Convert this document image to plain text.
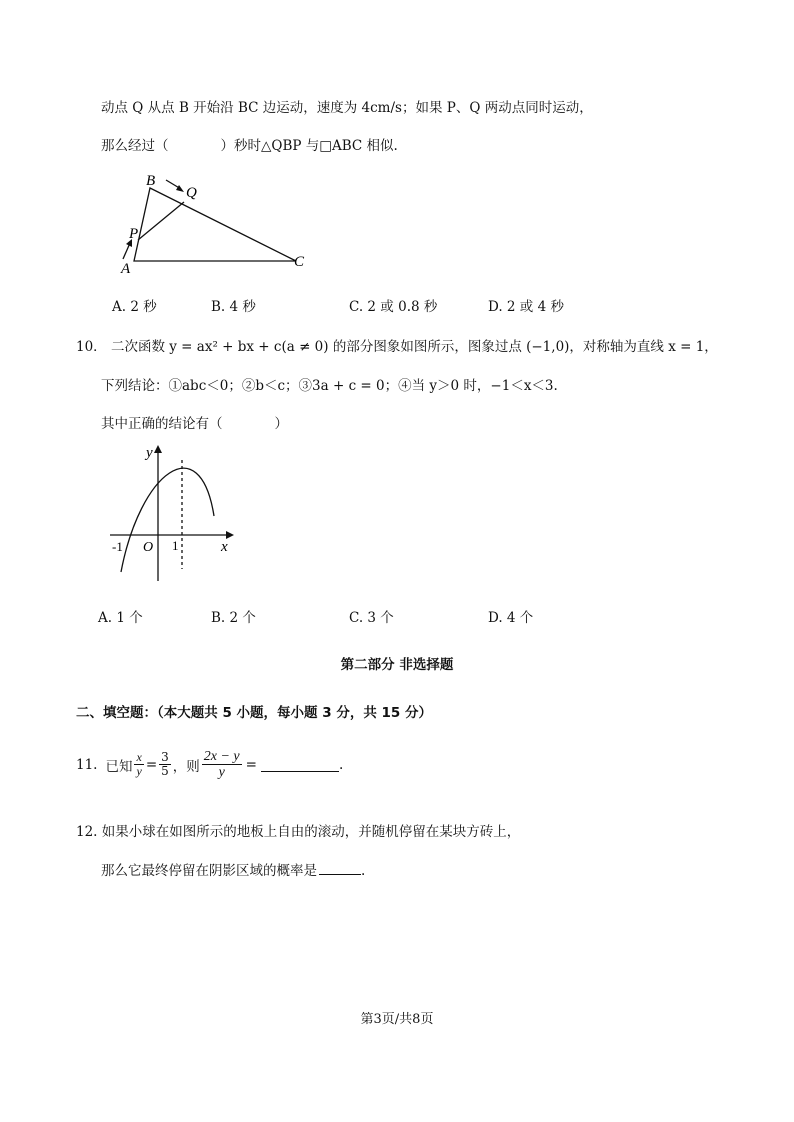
动点 Q 从点 B 开始沿 BC 边运动，速度为 4cm/s；如果 P、Q 两动点同时运动，
那么经过（	）秒时△QBP 与□ABC 相似.
B
Q
P
A	C
A. 2 秒	B. 4 秒	C. 2 或 0.8 秒	D. 2 或 4 秒
10． 二次函数 y = ax² + bx + c(a ≠ 0) 的部分图象如图所示，图象过点 (−1,0)，对称轴为直线 x = 1，
下列结论：①abc＜0；②b＜c；③3a + c = 0；④当 y＞0 时，−1＜x＜3.
其中正确的结论有（	）
y
x
-1 O 1
A. 1 个	B. 2 个	C. 3 个	D. 4 个
第二部分 非选择题
二、填空题：（本大题共 5 小题，每小题 3 分，共 15 分）
11. 已知 $\frac{x}{y} = \frac{3}{5}$ ，则 $\frac{2x - y}{y}$ =	.
12. 如果小球在如图所示的地板上自由的滚动，并随机停留在某块方砖上，
那么它最终停留在阴影区域的概率是	.
第3页/共8页
